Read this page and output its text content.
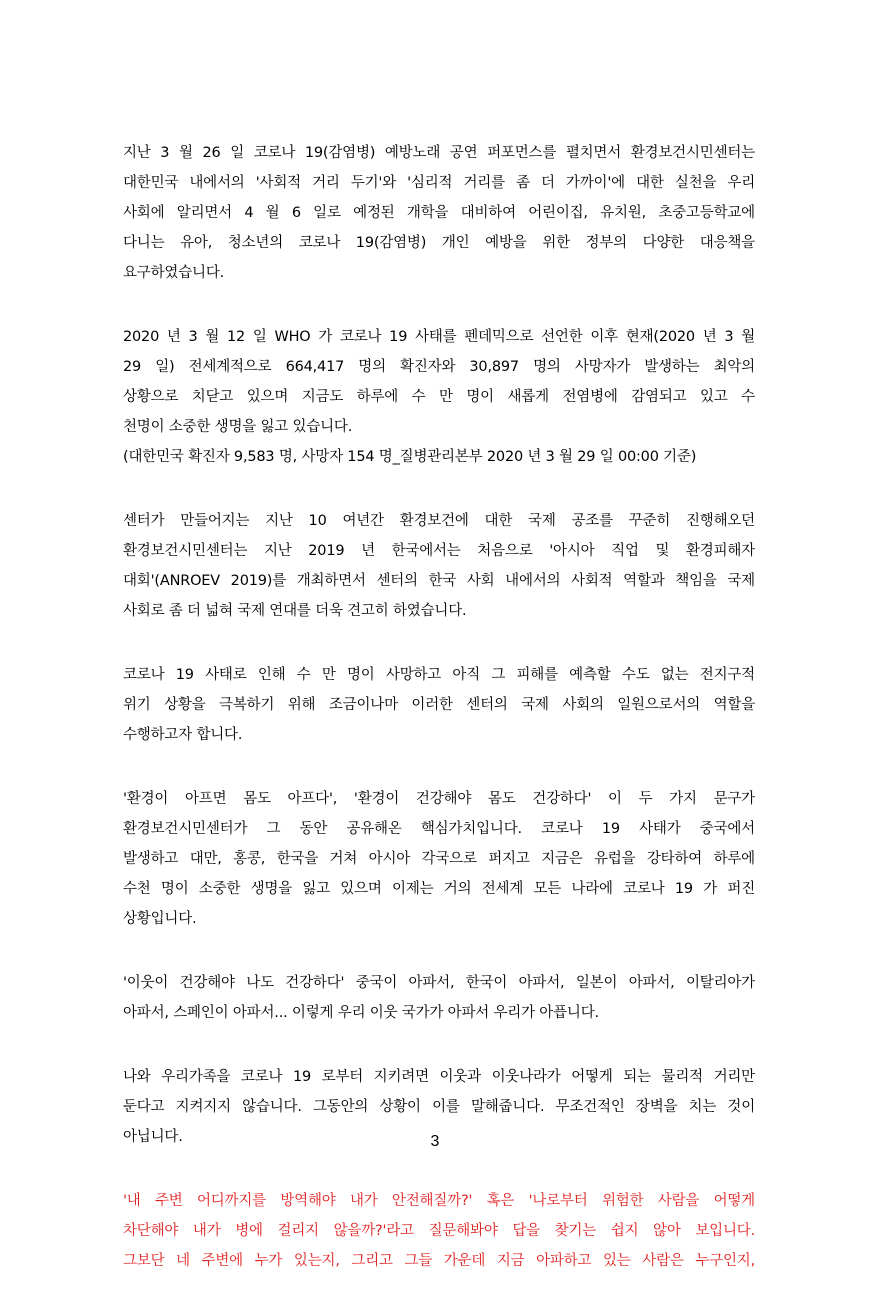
지난 3 월 26 일 코로나 19(감염병) 예방노래 공연 퍼포먼스를 펼치면서 환경보건시민센터는
대한민국 내에서의 '사회적 거리 두기'와 '심리적 거리를 좀 더 가까이'에 대한 실천을 우리
사회에 알리면서 4 월 6 일로 예정된 개학을 대비하여 어린이집, 유치원, 초중고등학교에
다니는 유아, 청소년의 코로나 19(감염병) 개인 예방을 위한 정부의 다양한 대응책을
요구하였습니다.

2020 년 3 월 12 일 WHO 가 코로나 19 사태를 펜데믹으로 선언한 이후 현재(2020 년 3 월
29 일) 전세계적으로 664,417 명의 확진자와 30,897 명의 사망자가 발생하는 최악의
상황으로 치닫고 있으며 지금도 하루에 수 만 명이 새롭게 전염병에 감염되고 있고 수
천명이 소중한 생명을 잃고 있습니다.
(대한민국 확진자 9,583 명, 사망자 154 명_질병관리본부 2020 년 3 월 29 일 00:00 기준)

센터가 만들어지는 지난 10 여년간 환경보건에 대한 국제 공조를 꾸준히 진행해오던
환경보건시민센터는 지난 2019 년 한국에서는 처음으로 '아시아 직업 및 환경피해자
대회'(ANROEV 2019)를 개최하면서 센터의 한국 사회 내에서의 사회적 역할과 책임을 국제
사회로 좀 더 넓혀 국제 연대를 더욱 견고히 하였습니다.

코로나 19 사태로 인해 수 만 명이 사망하고 아직 그 피해를 예측할 수도 없는 전지구적
위기 상황을 극복하기 위해 조금이나마 이러한 센터의 국제 사회의 일원으로서의 역할을
수행하고자 합니다.

'환경이 아프면 몸도 아프다', '환경이 건강해야 몸도 건강하다' 이 두 가지 문구가
환경보건시민센터가 그 동안 공유해온 핵심가치입니다. 코로나 19 사태가 중국에서
발생하고 대만, 홍콩, 한국을 거쳐 아시아 각국으로 퍼지고 지금은 유럽을 강타하여 하루에
수천 명이 소중한 생명을 잃고 있으며 이제는 거의 전세계 모든 나라에 코로나 19 가 퍼진
상황입니다.

'이웃이 건강해야 나도 건강하다' 중국이 아파서, 한국이 아파서, 일본이 아파서, 이탈리아가
아파서, 스페인이 아파서... 이렇게 우리 이웃 국가가 아파서 우리가 아픕니다.

나와 우리가족을 코로나 19 로부터 지키려면 이웃과 이웃나라가 어떻게 되는 물리적 거리만
둔다고 지켜지지 않습니다. 그동안의 상황이 이를 말해줍니다. 무조건적인 장벽을 치는 것이
아닙니다.

'내 주변 어디까지를 방역해야 내가 안전해질까?' 혹은 '나로부터 위험한 사람을 어떻게
차단해야 내가 병에 걸리지 않을까?'라고 질문해봐야 답을 찾기는 쉽지 않아 보입니다.
그보단 네 주변에 누가 있는지, 그리고 그들 가운데 지금 아파하고 있는 사람은 누구인지,

3
